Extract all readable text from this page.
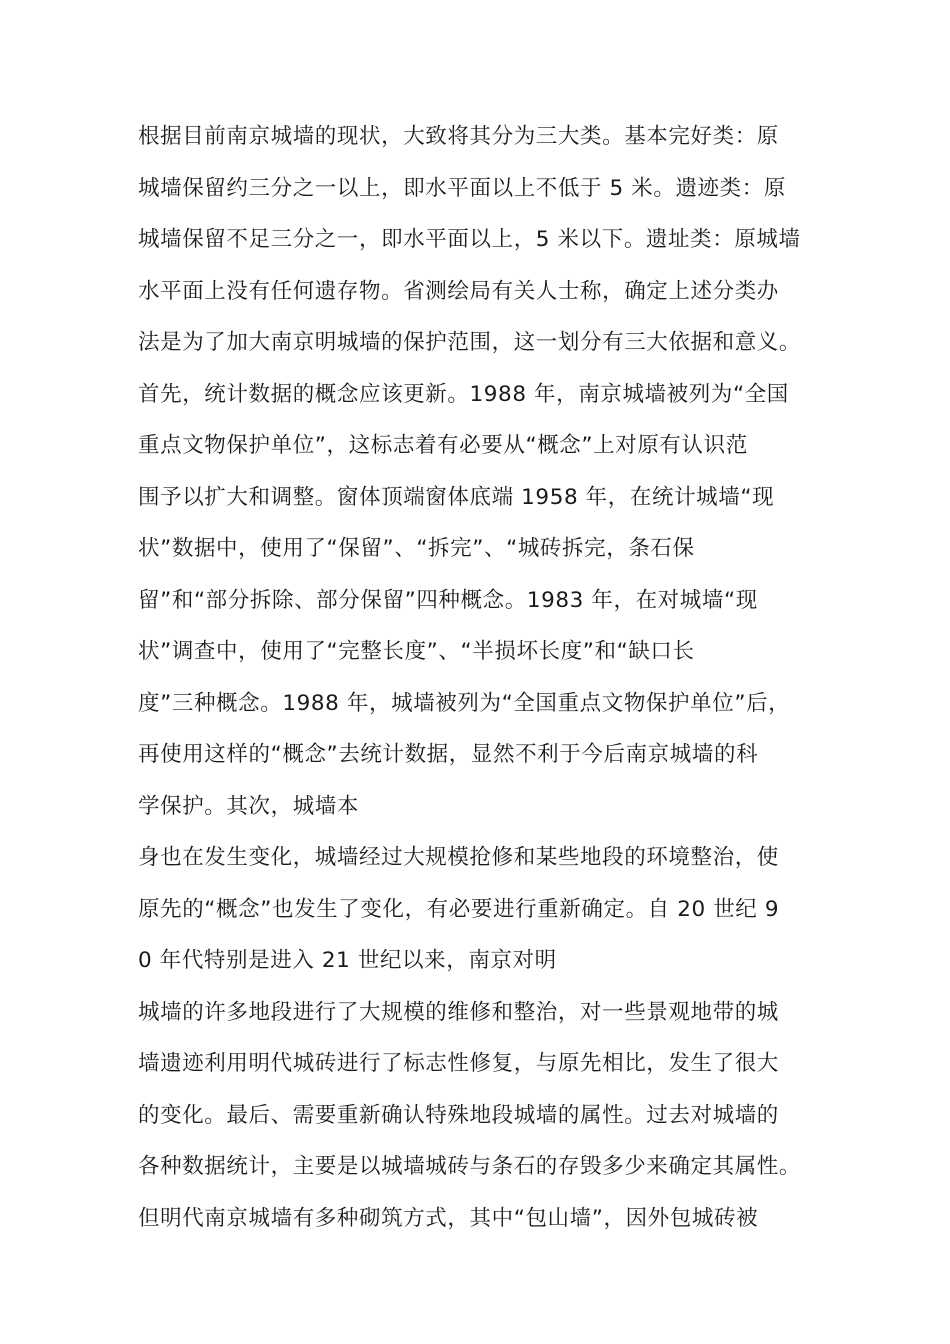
根据目前南京城墙的现状，大致将其分为三大类。基本完好类：原
城墙保留约三分之一以上，即水平面以上不低于 5 米。遗迹类：原
城墙保留不足三分之一，即水平面以上，5 米以下。遗址类：原城墙
水平面上没有任何遗存物。省测绘局有关人士称，确定上述分类办
法是为了加大南京明城墙的保护范围，这一划分有三大依据和意义。
首先，统计数据的概念应该更新。1988 年，南京城墙被列为“全国
重点文物保护单位”，这标志着有必要从“概念”上对原有认识范
围予以扩大和调整。窗体顶端窗体底端 1958 年，在统计城墙“现
状”数据中，使用了“保留”、“拆完”、“城砖拆完，条石保
留”和“部分拆除、部分保留”四种概念。1983 年，在对城墙“现
状”调查中，使用了“完整长度”、“半损坏长度”和“缺口长
度”三种概念。1988 年，城墙被列为“全国重点文物保护单位”后，
再使用这样的“概念”去统计数据，显然不利于今后南京城墙的科
学保护。其次，城墙本
身也在发生变化，城墙经过大规模抢修和某些地段的环境整治，使
原先的“概念”也发生了变化，有必要进行重新确定。自 20 世纪 9
0 年代特别是进入 21 世纪以来，南京对明
城墙的许多地段进行了大规模的维修和整治，对一些景观地带的城
墙遗迹利用明代城砖进行了标志性修复，与原先相比，发生了很大
的变化。最后、需要重新确认特殊地段城墙的属性。过去对城墙的
各种数据统计，主要是以城墙城砖与条石的存毁多少来确定其属性。
但明代南京城墙有多种砌筑方式，其中“包山墙”，因外包城砖被
